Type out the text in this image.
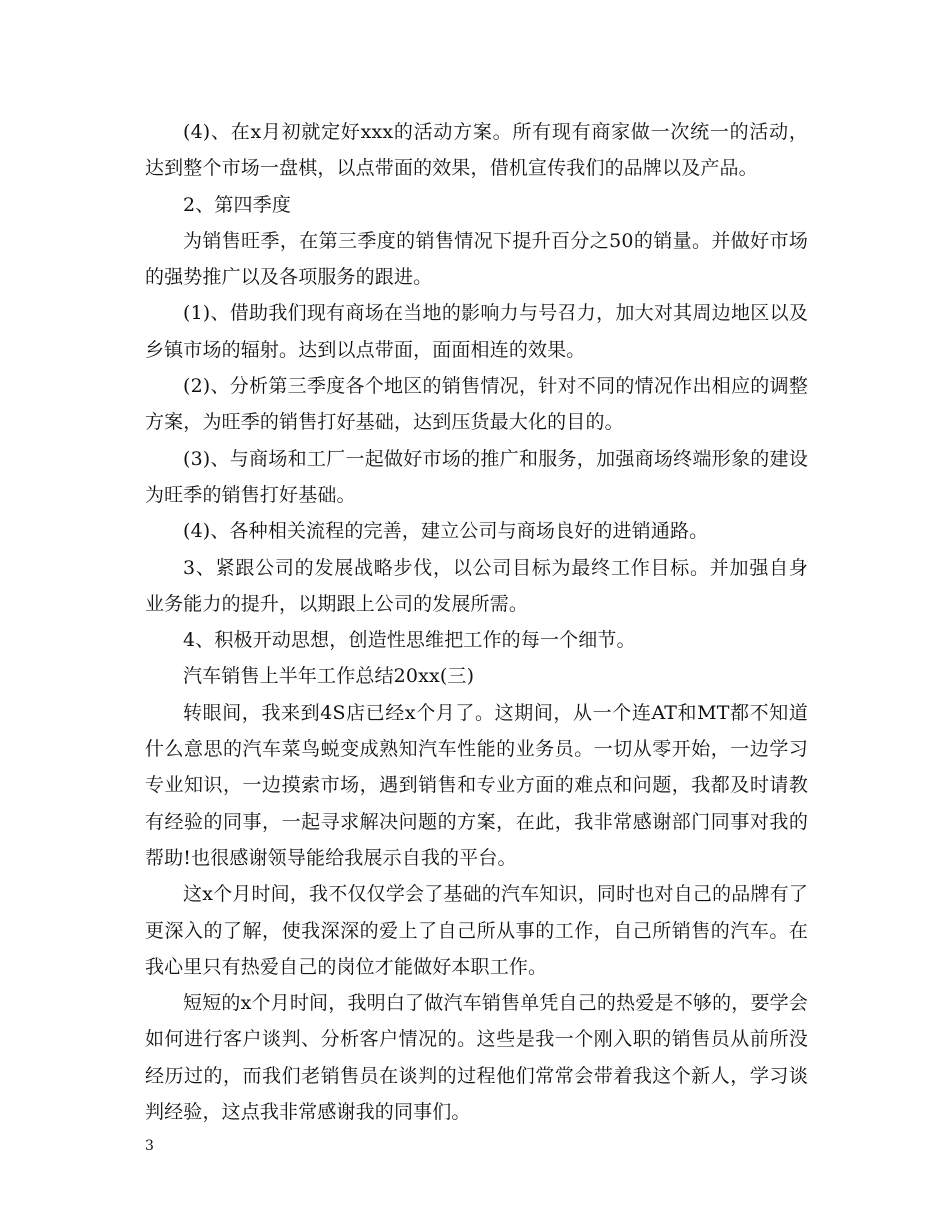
(4)、在x月初就定好xxx的活动方案。所有现有商家做一次统一的活动，达到整个市场一盘棋，以点带面的效果，借机宣传我们的品牌以及产品。

2、第四季度

为销售旺季，在第三季度的销售情况下提升百分之50的销量。并做好市场的强势推广以及各项服务的跟进。

(1)、借助我们现有商场在当地的影响力与号召力，加大对其周边地区以及乡镇市场的辐射。达到以点带面，面面相连的效果。

(2)、分析第三季度各个地区的销售情况，针对不同的情况作出相应的调整方案，为旺季的销售打好基础，达到压货最大化的目的。

(3)、与商场和工厂一起做好市场的推广和服务，加强商场终端形象的建设为旺季的销售打好基础。

(4)、各种相关流程的完善，建立公司与商场良好的进销通路。

3、紧跟公司的发展战略步伐，以公司目标为最终工作目标。并加强自身业务能力的提升，以期跟上公司的发展所需。

4、积极开动思想，创造性思维把工作的每一个细节。

汽车销售上半年工作总结20xx(三)

转眼间，我来到4S店已经x个月了。这期间，从一个连AT和MT都不知道什么意思的汽车菜鸟蜕变成熟知汽车性能的业务员。一切从零开始，一边学习专业知识，一边摸索市场，遇到销售和专业方面的难点和问题，我都及时请教有经验的同事，一起寻求解决问题的方案，在此，我非常感谢部门同事对我的帮助!也很感谢领导能给我展示自我的平台。

这x个月时间，我不仅仅学会了基础的汽车知识，同时也对自己的品牌有了更深入的了解，使我深深的爱上了自己所从事的工作，自己所销售的汽车。在我心里只有热爱自己的岗位才能做好本职工作。

短短的x个月时间，我明白了做汽车销售单凭自己的热爱是不够的，要学会如何进行客户谈判、分析客户情况的。这些是我一个刚入职的销售员从前所没经历过的，而我们老销售员在谈判的过程他们常常会带着我这个新人，学习谈判经验，这点我非常感谢我的同事们。

3
